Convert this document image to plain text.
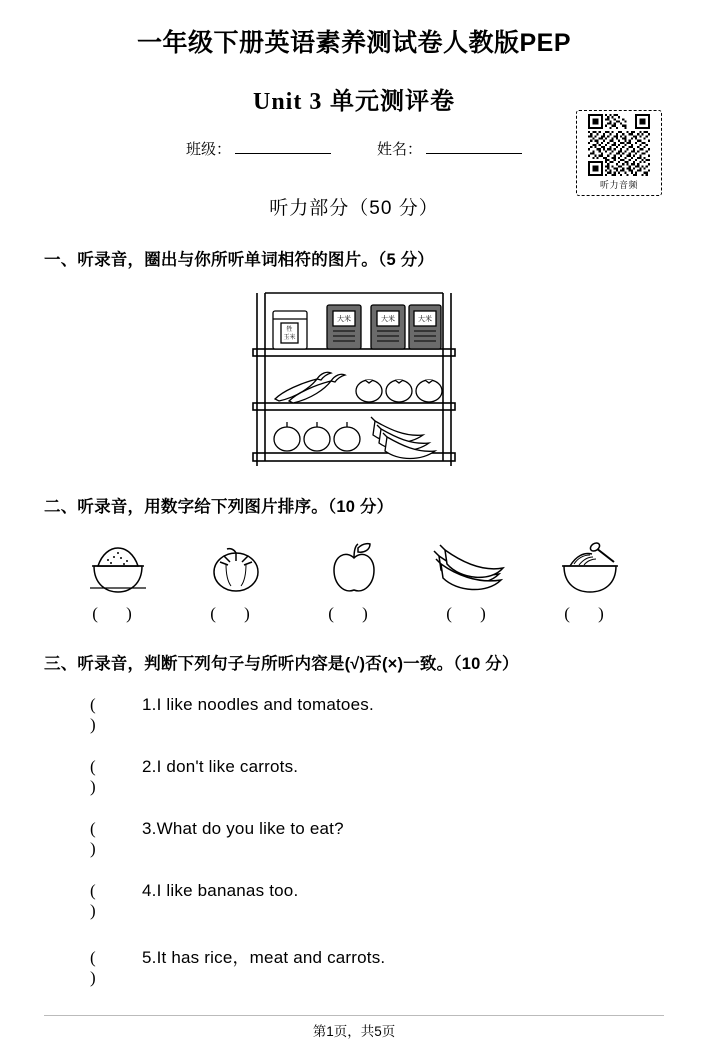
一年级下册英语素养测试卷人教版PEP
Unit 3 单元测评卷
班级：	姓名：
听力音频
听力部分（50 分）
一、听录音，圈出与你所听单词相符的图片。（5 分）
牲
玉米
大米	大米	大米
二、听录音，用数字给下列图片排序。（10 分）
( )	( )	( )	( )	( )
三、听录音，判断下列句子与所听内容是(√)否(×)一致。（10 分）
( )
1.I like noodles and tomatoes.
( )
2.I don't like carrots.
( )
3.What do you like to eat?
( )
4.I like bananas too.
( )
5.It has rice，meat and carrots.
第1页，共5页
